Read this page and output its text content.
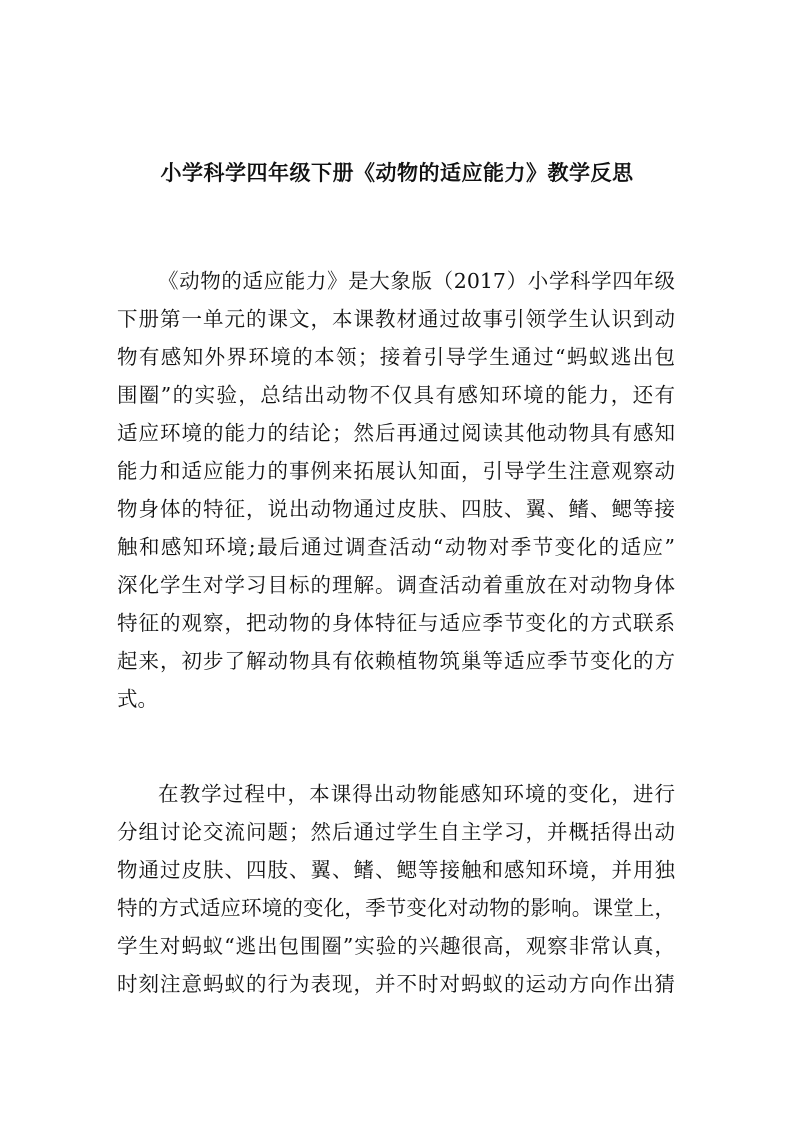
小学科学四年级下册《动物的适应能力》教学反思
《动物的适应能力》是大象版（2017）小学科学四年级
下册第一单元的课文，本课教材通过故事引领学生认识到动
物有感知外界环境的本领；接着引导学生通过“蚂蚁逃出包
围圈”的实验，总结出动物不仅具有感知环境的能力，还有
适应环境的能力的结论；然后再通过阅读其他动物具有感知
能力和适应能力的事例来拓展认知面，引导学生注意观察动
物身体的特征，说出动物通过皮肤、四肢、翼、鳍、鳃等接
触和感知环境;最后通过调查活动“动物对季节变化的适应”
深化学生对学习目标的理解。调查活动着重放在对动物身体
特征的观察，把动物的身体特征与适应季节变化的方式联系
起来，初步了解动物具有依赖植物筑巢等适应季节变化的方
式。
在教学过程中，本课得出动物能感知环境的变化，进行
分组讨论交流问题；然后通过学生自主学习，并概括得出动
物通过皮肤、四肢、翼、鳍、鳃等接触和感知环境，并用独
特的方式适应环境的变化，季节变化对动物的影响。课堂上，
学生对蚂蚁“逃出包围圈”实验的兴趣很高，观察非常认真，
时刻注意蚂蚁的行为表现，并不时对蚂蚁的运动方向作出猜
